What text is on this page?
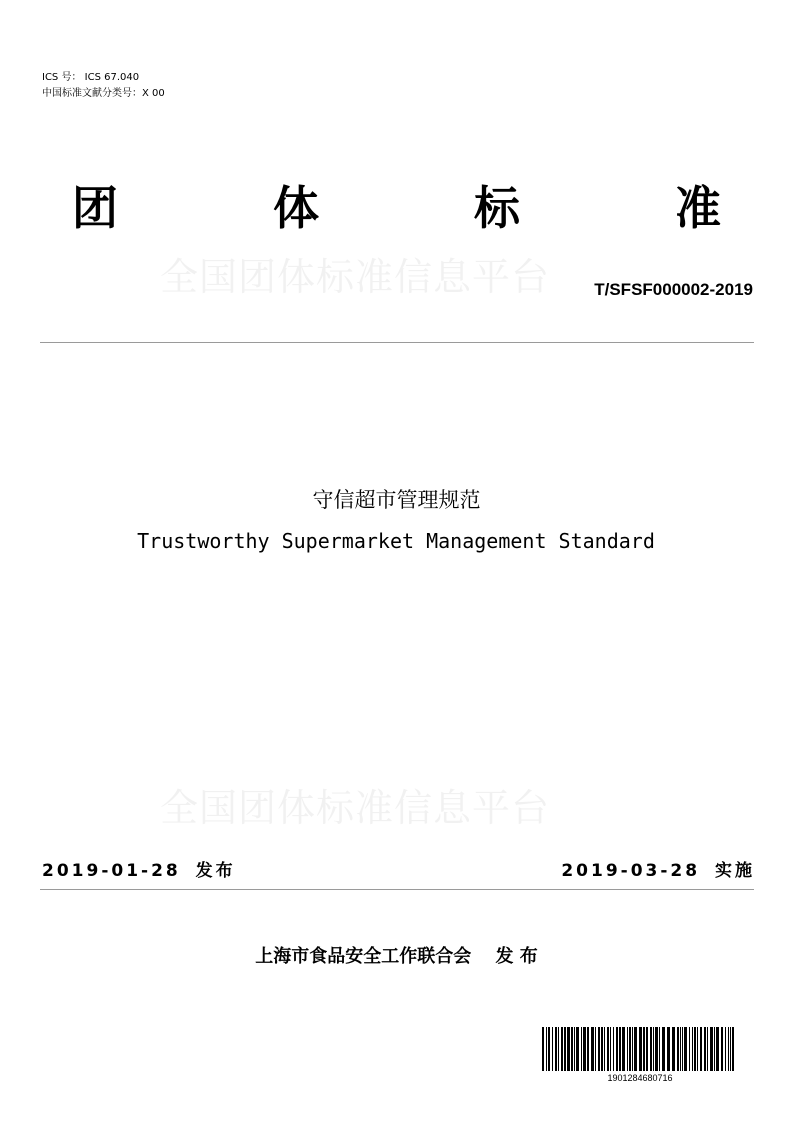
ICS 号： ICS 67.040
中国标准文献分类号：X 00
团	体	标	准
全国团体标准信息平台	T/SFSF000002-2019
守信超市管理规范
Trustworthy Supermarket Management Standard
全国团体标准信息平台
2019-01-28 发布	2019-03-28 实施
上海市食品安全工作联合会 发 布
1901284680716
